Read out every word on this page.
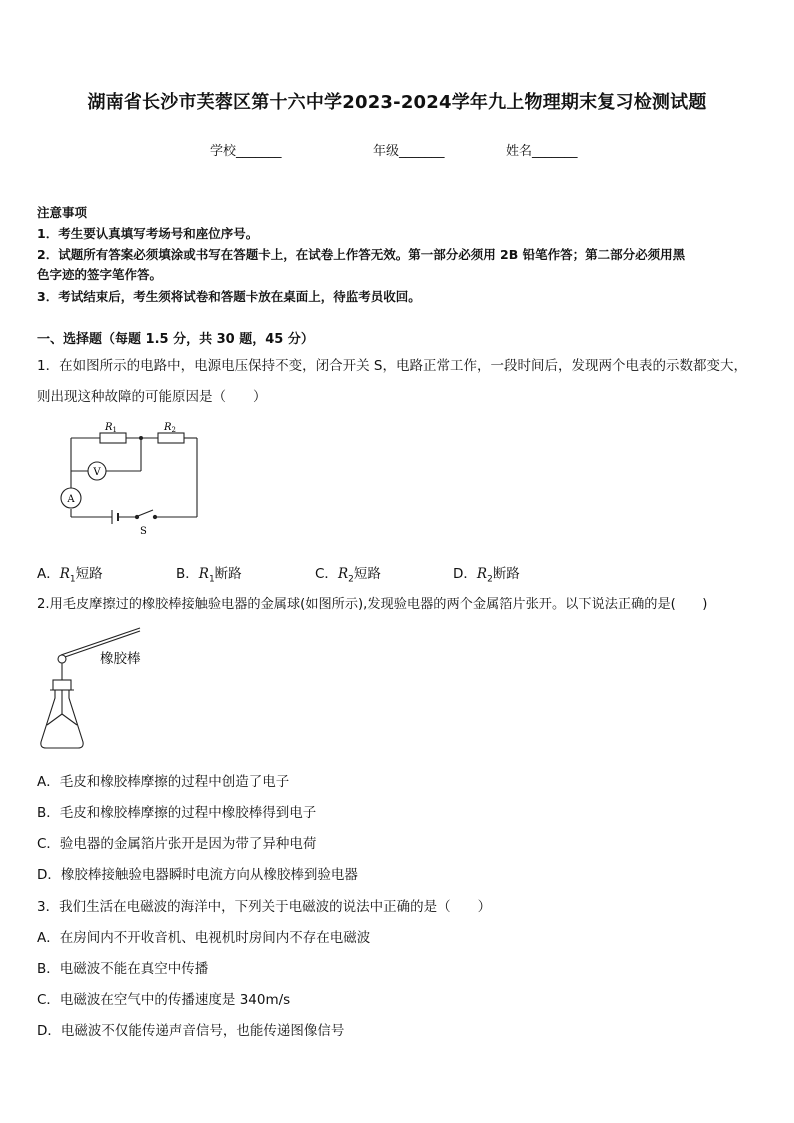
湖南省长沙市芙蓉区第十六中学2023-2024学年九上物理期末复习检测试题
学校_______	年级_______	姓名_______
注意事项
1．考生要认真填写考场号和座位序号。
2．试题所有答案必须填涂或书写在答题卡上，在试卷上作答无效。第一部分必须用 2B 铅笔作答；第二部分必须用黑
色字迹的签字笔作答。
3．考试结束后，考生须将试卷和答题卡放在桌面上，待监考员收回。
一、选择题（每题 1.5 分，共 30 题，45 分）
1．在如图所示的电路中，电源电压保持不变，闭合开关 S，电路正常工作，一段时间后，发现两个电表的示数都变大，
则出现这种故障的可能原因是（　　）
$R_1$	$R_2$
V
A
S
A．$R_1$短路	B．$R_1$断路	C．$R_2$短路	D．$R_2$断路
2.用毛皮摩擦过的橡胶棒接触验电器的金属球(如图所示),发现验电器的两个金属箔片张开。以下说法正确的是(　　)
橡胶棒
A．毛皮和橡胶棒摩擦的过程中创造了电子
B．毛皮和橡胶棒摩擦的过程中橡胶棒得到电子
C．验电器的金属箔片张开是因为带了异种电荷
D．橡胶棒接触验电器瞬时电流方向从橡胶棒到验电器
3．我们生活在电磁波的海洋中，下列关于电磁波的说法中正确的是（　　）
A．在房间内不开收音机、电视机时房间内不存在电磁波
B．电磁波不能在真空中传播
C．电磁波在空气中的传播速度是 340m/s
D．电磁波不仅能传递声音信号，也能传递图像信号
